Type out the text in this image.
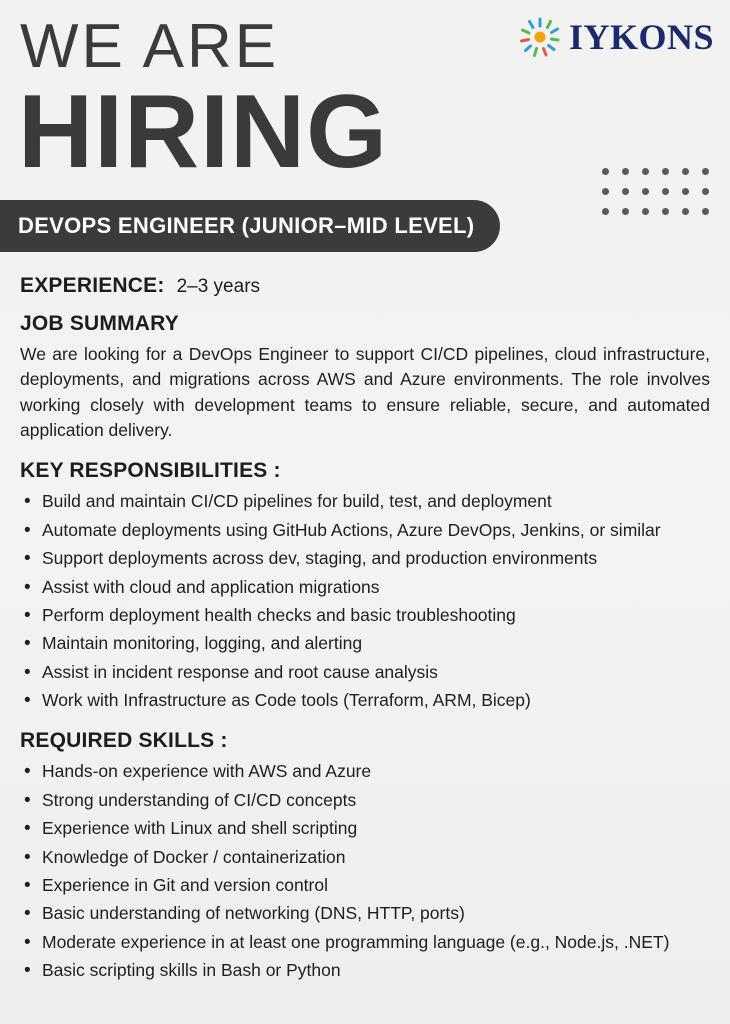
IYKONS
WE ARE
HIRING
DEVOPS ENGINEER (JUNIOR–MID LEVEL)
EXPERIENCE: 2–3 years
JOB SUMMARY

We are looking for a DevOps Engineer to support CI/CD pipelines, cloud infrastructure, deployments, and migrations across AWS and Azure environments. The role involves working closely with development teams to ensure reliable, secure, and automated application delivery.

KEY RESPONSIBILITIES :
• Build and maintain CI/CD pipelines for build, test, and deployment
• Automate deployments using GitHub Actions, Azure DevOps, Jenkins, or similar
• Support deployments across dev, staging, and production environments
• Assist with cloud and application migrations
• Perform deployment health checks and basic troubleshooting
• Maintain monitoring, logging, and alerting
• Assist in incident response and root cause analysis
• Work with Infrastructure as Code tools (Terraform, ARM, Bicep)
REQUIRED SKILLS :
• Hands-on experience with AWS and Azure
• Strong understanding of CI/CD concepts
• Experience with Linux and shell scripting
• Knowledge of Docker / containerization
• Experience in Git and version control
• Basic understanding of networking (DNS, HTTP, ports)
• Moderate experience in at least one programming language (e.g., Node.js, .NET)
• Basic scripting skills in Bash or Python
